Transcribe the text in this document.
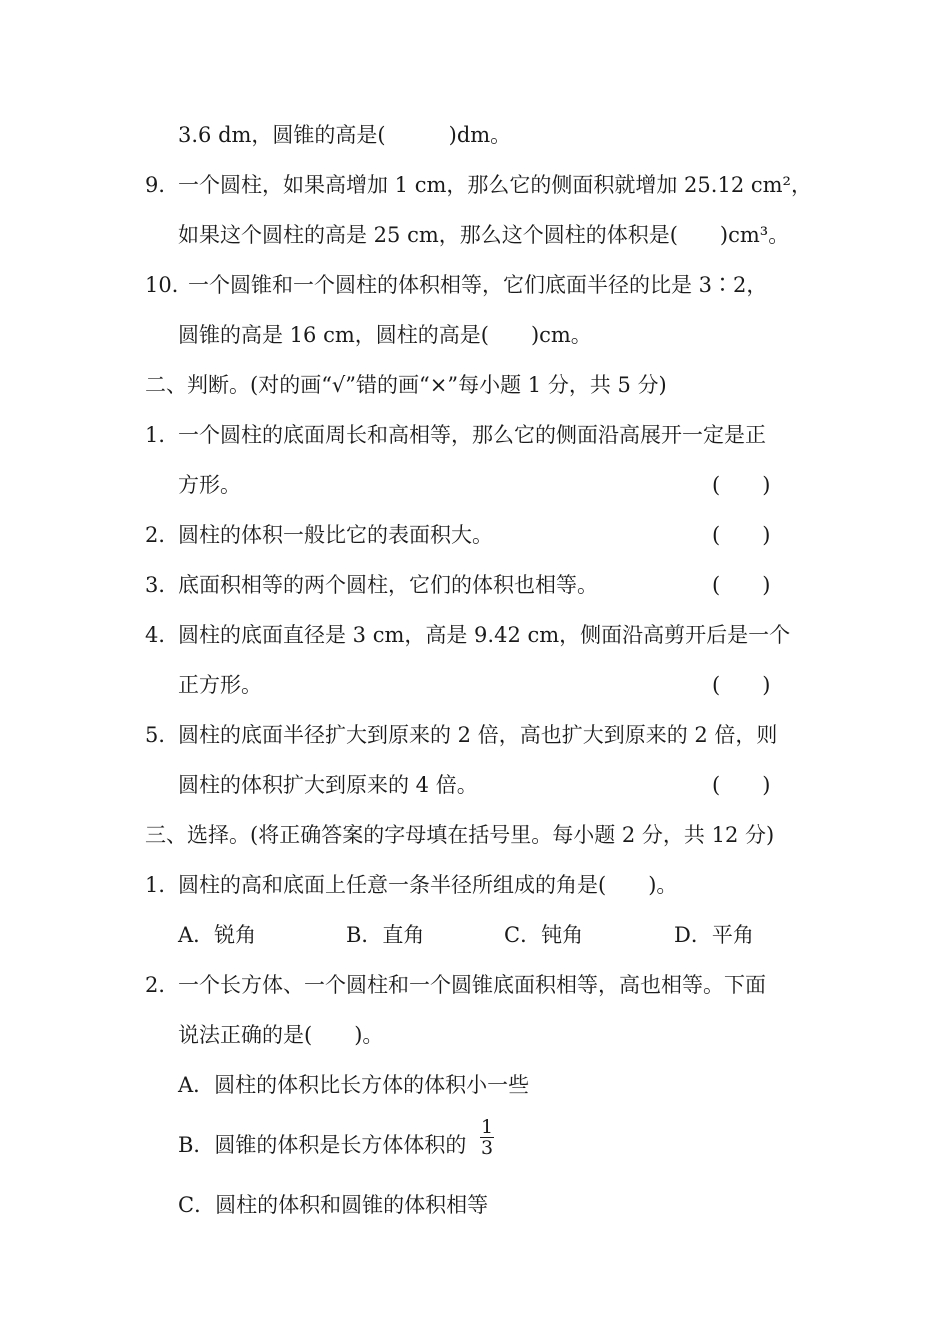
3.6 dm，圆锥的高是(　　　)dm。
9．
一个圆柱，如果高增加 1 cm，那么它的侧面积就增加 25.12 cm²，
如果这个圆柱的高是 25 cm，那么这个圆柱的体积是(　　)cm³。
10．
一个圆锥和一个圆柱的体积相等，它们底面半径的比是 3∶2，
圆锥的高是 16 cm，圆柱的高是(　　)cm。
二、判断。(对的画“√”错的画“×”每小题 1 分，共 5 分)
1．
一个圆柱的底面周长和高相等，那么它的侧面沿高展开一定是正
方形。	(　　)
2．
圆柱的体积一般比它的表面积大。	(　　)
3．
底面积相等的两个圆柱，它们的体积也相等。	(　　)
4．
圆柱的底面直径是 3 cm，高是 9.42 cm，侧面沿高剪开后是一个
正方形。	(　　)
5．
圆柱的底面半径扩大到原来的 2 倍，高也扩大到原来的 2 倍，则
圆柱的体积扩大到原来的 4 倍。	(　　)
三、选择。(将正确答案的字母填在括号里。每小题 2 分，共 12 分)
1．
圆柱的高和底面上任意一条半径所组成的角是(　　)。
A．锐角	B．直角	C．钝角	D．平角
2．
一个长方体、一个圆柱和一个圆锥底面积相等，高也相等。下面
说法正确的是(　　)。
A．圆柱的体积比长方体的体积小一些
B．圆锥的体积是长方体体积的 $\frac{1}{3}$
C．圆柱的体积和圆锥的体积相等
